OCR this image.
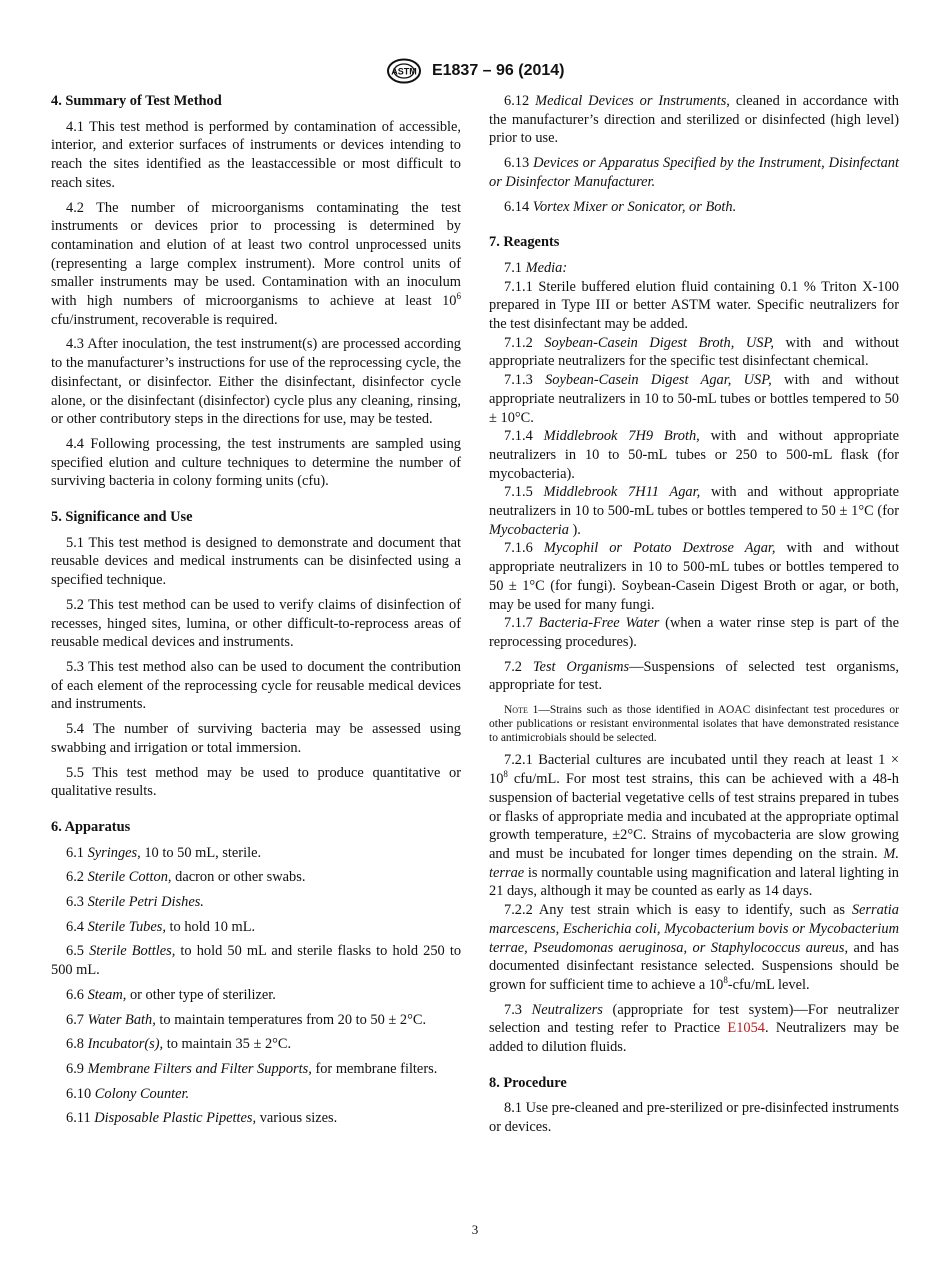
ASTM E1837 – 96 (2014)
4. Summary of Test Method

4.1 This test method is performed by contamination of accessible, interior, and exterior surfaces of instruments or devices intending to reach the sites identified as the leastaccessible or most difficult to reach sites.

4.2 The number of microorganisms contaminating the test instruments or devices prior to processing is determined by contamination and elution of at least two control unprocessed units (representing a large complex instrument). More control units of smaller instruments may be used. Contamination with an inoculum with high numbers of microorganisms to achieve at least $10^6$ cfu/instrument, recoverable is required.

4.3 After inoculation, the test instrument(s) are processed according to the manufacturer’s instructions for use of the reprocessing cycle, the disinfectant, or disinfector. Either the disinfectant, disinfector cycle alone, or the disinfectant (disinfector) cycle plus any cleaning, rinsing, or other contributory steps in the directions for use, may be tested.

4.4 Following processing, the test instruments are sampled using specified elution and culture techniques to determine the number of surviving bacteria in colony forming units (cfu).

5. Significance and Use

5.1 This test method is designed to demonstrate and document that reusable devices and medical instruments can be disinfected using a specified technique.

5.2 This test method can be used to verify claims of disinfection of recesses, hinged sites, lumina, or other difficult-to-reprocess areas of reusable medical devices and instruments.

5.3 This test method also can be used to document the contribution of each element of the reprocessing cycle for reusable medical devices and instruments.

5.4 The number of surviving bacteria may be assessed using swabbing and irrigation or total immersion.

5.5 This test method may be used to produce quantitative or qualitative results.

6. Apparatus

6.1 Syringes, 10 to 50 mL, sterile.

6.2 Sterile Cotton, dacron or other swabs.

6.3 Sterile Petri Dishes.

6.4 Sterile Tubes, to hold 10 mL.

6.5 Sterile Bottles, to hold 50 mL and sterile flasks to hold 250 to 500 mL.

6.6 Steam, or other type of sterilizer.

6.7 Water Bath, to maintain temperatures from 20 to 50 ± 2°C.

6.8 Incubator(s), to maintain 35 ± 2°C.

6.9 Membrane Filters and Filter Supports, for membrane filters.

6.10 Colony Counter.

6.11 Disposable Plastic Pipettes, various sizes.

6.12 Medical Devices or Instruments, cleaned in accordance with the manufacturer’s direction and sterilized or disinfected (high level) prior to use.

6.13 Devices or Apparatus Specified by the Instrument, Disinfectant or Disinfector Manufacturer.

6.14 Vortex Mixer or Sonicator, or Both.

7. Reagents

7.1 Media:

7.1.1 Sterile buffered elution fluid containing 0.1 % Triton X-100 prepared in Type III or better ASTM water. Specific neutralizers for the test disinfectant may be added.

7.1.2 Soybean-Casein Digest Broth, USP, with and without appropriate neutralizers for the specific test disinfectant chemical.

7.1.3 Soybean-Casein Digest Agar, USP, with and without appropriate neutralizers in 10 to 50-mL tubes or bottles tempered to 50 ± 10°C.

7.1.4 Middlebrook 7H9 Broth, with and without appropriate neutralizers in 10 to 50-mL tubes or 250 to 500-mL flask (for mycobacteria).

7.1.5 Middlebrook 7H11 Agar, with and without appropriate neutralizers in 10 to 500-mL tubes or bottles tempered to 50 ± 1°C (for Mycobacteria ).

7.1.6 Mycophil or Potato Dextrose Agar, with and without appropriate neutralizers in 10 to 500-mL tubes or bottles tempered to 50 ± 1°C (for fungi). Soybean-Casein Digest Broth or agar, or both, may be used for many fungi.

7.1.7 Bacteria-Free Water (when a water rinse step is part of the reprocessing procedures).

7.2 Test Organisms—Suspensions of selected test organisms, appropriate for test.

Note 1—Strains such as those identified in AOAC disinfectant test procedures or other publications or resistant environmental isolates that have demonstrated resistance to antimicrobials should be selected.

7.2.1 Bacterial cultures are incubated until they reach at least $1 \times 10^8$ cfu/mL. For most test strains, this can be achieved with a 48-h suspension of bacterial vegetative cells of test strains prepared in tubes or flasks of appropriate media and incubated at the appropriate optimal growth temperature, ±2°C. Strains of mycobacteria are slow growing and must be incubated for longer times depending on the strain. M. terrae is normally countable using magnification and lateral lighting in 21 days, although it may be counted as early as 14 days.

7.2.2 Any test strain which is easy to identify, such as Serratia marcescens, Escherichia coli, Mycobacterium bovis or Mycobacterium terrae, Pseudomonas aeruginosa, or Staphylococcus aureus, and has documented disinfectant resistance selected. Suspensions should be grown for sufficient time to achieve a $10^8-cfu/mL$ level.

7.3 Neutralizers (appropriate for test system)—For neutralizer selection and testing refer to Practice E1054. Neutralizers may be added to dilution fluids.

8. Procedure

8.1 Use pre-cleaned and pre-sterilized or pre-disinfected instruments or devices.

3
